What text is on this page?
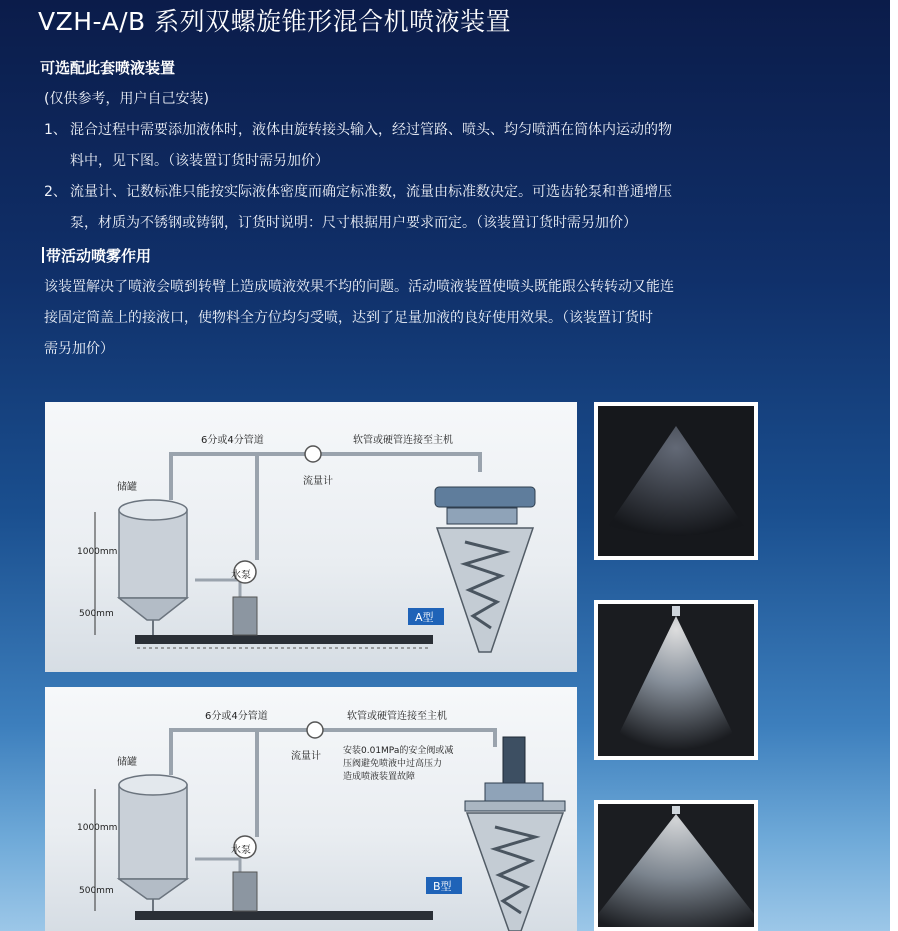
VZH-A/B 系列双螺旋锥形混合机喷液装置
可选配此套喷液装置
(仅供参考，用户自己安装)
1、 混合过程中需要添加液体时，液体由旋转接头输入，经过管路、喷头、均匀喷洒在筒体内运动的物
料中，见下图。（该装置订货时需另加价）
2、 流量计、记数标准只能按实际液体密度而确定标准数，流量由标准数决定。可选齿轮泵和普通增压
泵，材质为不锈钢或铸钢，订货时说明：尺寸根据用户要求而定。（该装置订货时需另加价）
带活动喷雾作用
该装置解决了喷液会喷到转臂上造成喷液效果不均的问题。活动喷液装置使喷头既能跟公转转动又能连
接固定筒盖上的接液口，使物料全方位均匀受喷，达到了足量加液的良好使用效果。（该装置订货时
需另加价）
1000mm
500mm
储罐
流量计
6分或4分管道	软管或硬管连接至主机
水泵
A型
1000mm
500mm
储罐
流量计
6分或4分管道	软管或硬管连接至主机
安装0.01MPa的安全阀或减
压阀避免喷液中过高压力
造成喷液装置故障
水泵
B型
